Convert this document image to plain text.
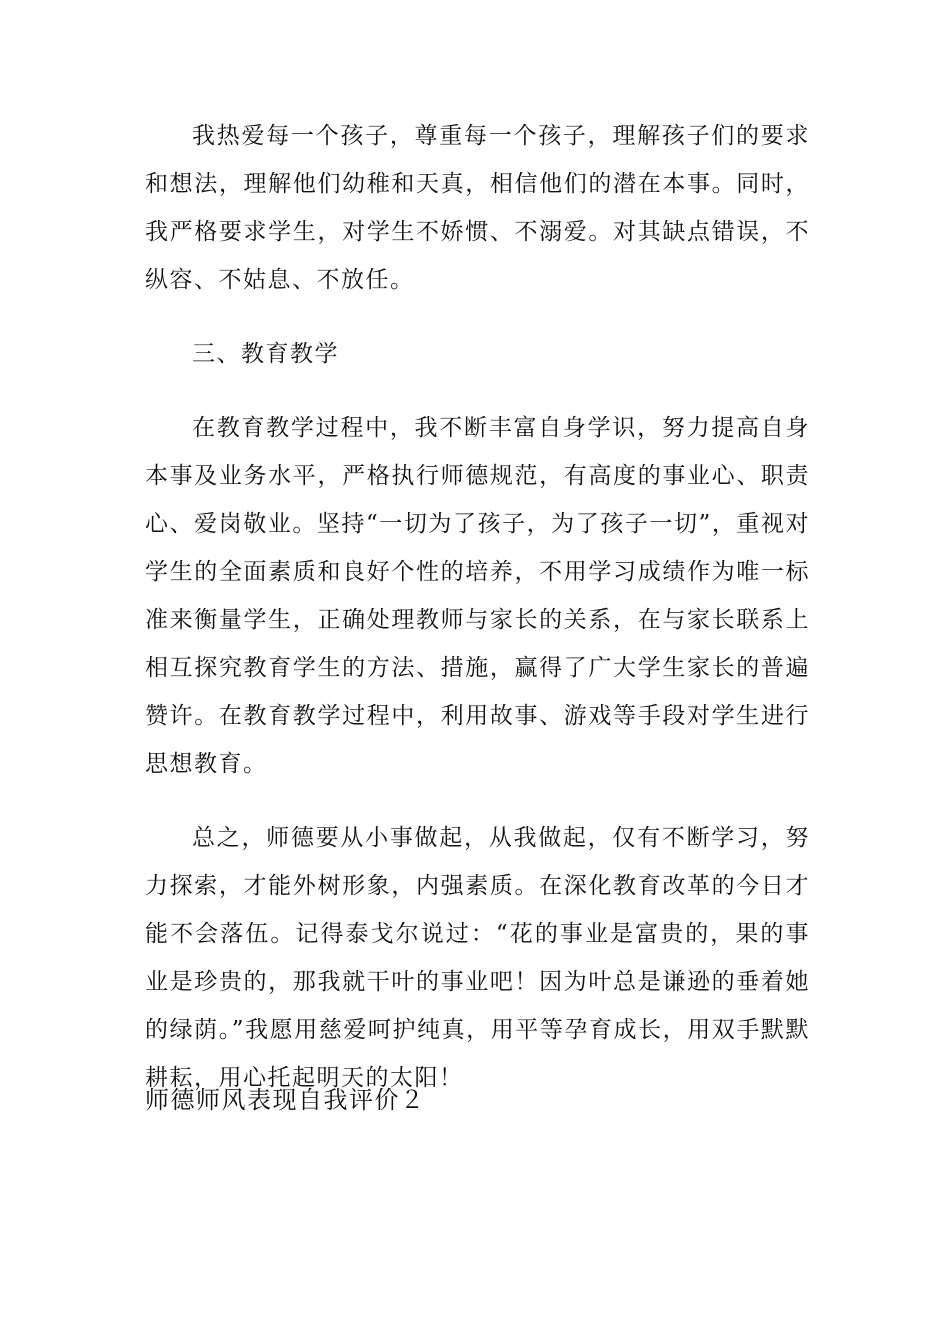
我热爱每一个孩子，尊重每一个孩子，理解孩子们的要求和想法，理解他们幼稚和天真，相信他们的潜在本事。同时，我严格要求学生，对学生不娇惯、不溺爱。对其缺点错误，不纵容、不姑息、不放任。

三、教育教学

在教育教学过程中，我不断丰富自身学识，努力提高自身本事及业务水平，严格执行师德规范，有高度的事业心、职责心、爱岗敬业。坚持“一切为了孩子，为了孩子一切”，重视对学生的全面素质和良好个性的培养，不用学习成绩作为唯一标准来衡量学生，正确处理教师与家长的关系，在与家长联系上相互探究教育学生的方法、措施，赢得了广大学生家长的普遍赞许。在教育教学过程中，利用故事、游戏等手段对学生进行思想教育。

总之，师德要从小事做起，从我做起，仅有不断学习，努力探索，才能外树形象，内强素质。在深化教育改革的今日才能不会落伍。记得泰戈尔说过：“花的事业是富贵的，果的事业是珍贵的，那我就干叶的事业吧！因为叶总是谦逊的垂着她的绿荫。”我愿用慈爱呵护纯真，用平等孕育成长，用双手默默耕耘，用心托起明天的太阳！

师德师风表现自我评价２
